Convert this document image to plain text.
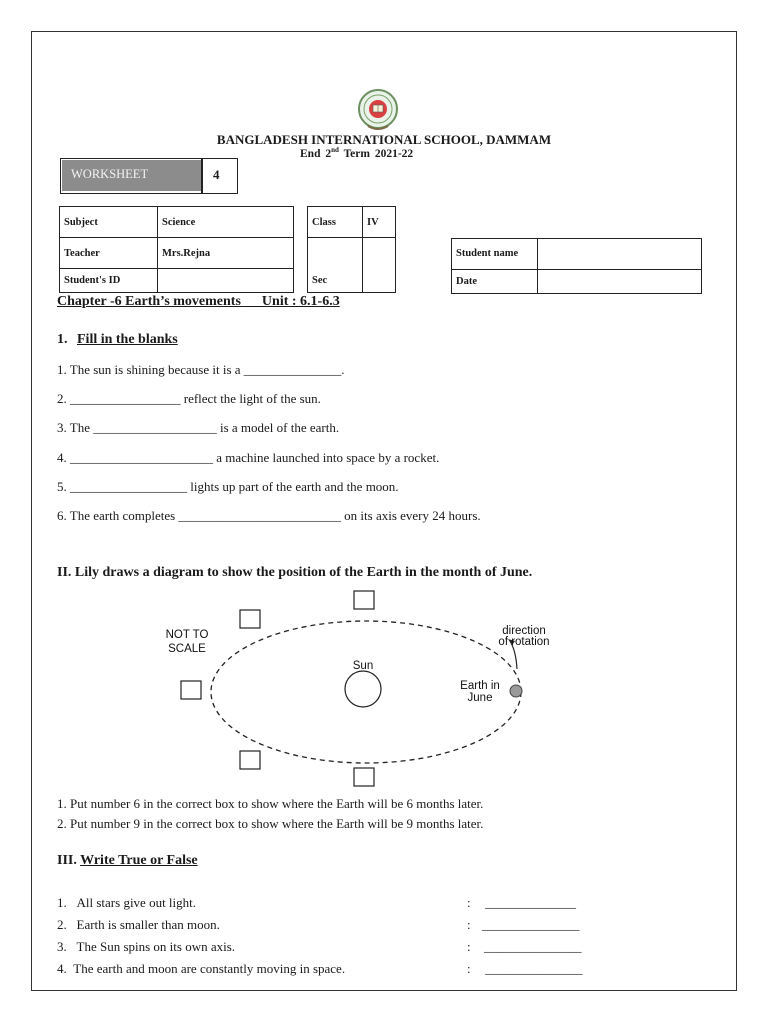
BANGLADESH INTERNATIONAL SCHOOL, DAMMAM
End 2nd Term 2021-22
WORKSHEET	4
Subject	Science
Teacher	Mrs.Rejna
Student's ID	
Class	IV

Sec	
Student name	
Date	
Chapter -6 Earth’s movements      Unit : 6.1-6.3
1. Fill in the blanks
1. The sun is shining because it is a _______________.
2. _________________ reflect the light of the sun.
3. The ___________________ is a model of the earth.
4. ______________________ a machine launched into space by a rocket.
5. __________________ lights up part of the earth and the moon.
6. The earth completes _________________________ on its axis every 24 hours.
II. Lily draws a diagram to show the position of the Earth in the month of June.
NOT TO
SCALE
Sun
Earth in
June
direction
of rotation
1. Put number 6 in the correct box to show where the Earth will be 6 months later.
2. Put number 9 in the correct box to show where the Earth will be 9 months later.
III. Write True or False
1. All stars give out light.	: ______________
2. Earth is smaller than moon.	: _______________
3. The Sun spins on its own axis.	: _______________
4. The earth and moon are constantly moving in space.	: _______________
